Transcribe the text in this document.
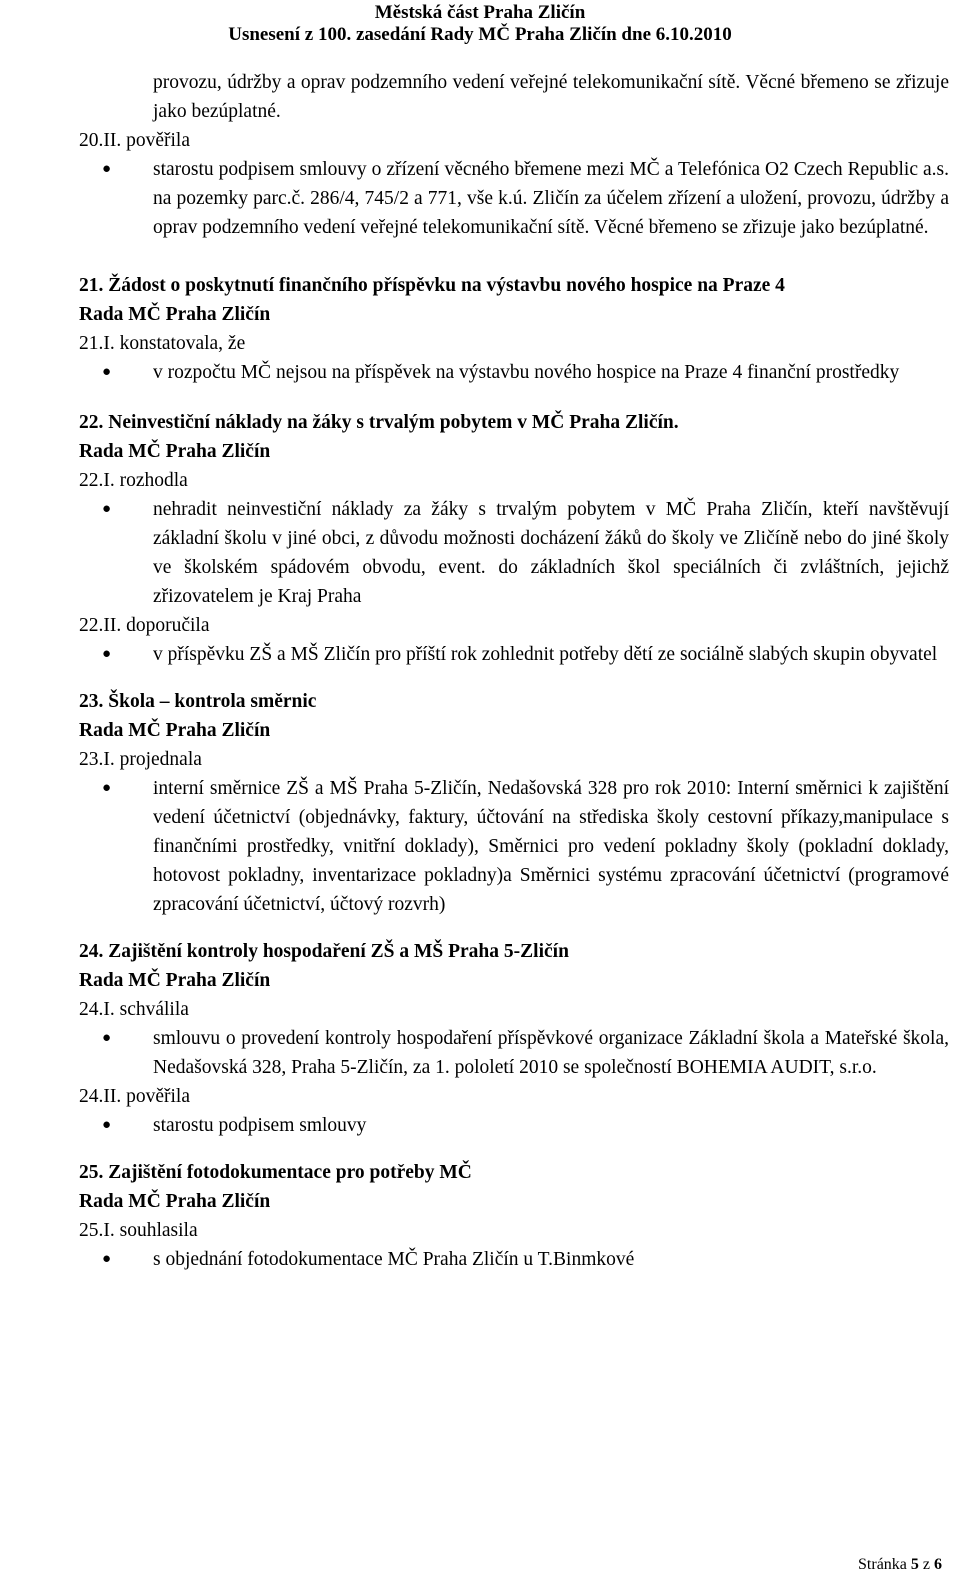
Městská část Praha Zličín
Usnesení z 100. zasedání Rady MČ Praha Zličín dne 6.10.2010

provozu, údržby a oprav podzemního vedení veřejné telekomunikační sítě. Věcné břemeno se zřizuje jako bezúplatné.

20.II. pověřila

● starostu podpisem smlouvy o zřízení věcného břemene mezi MČ a Telefónica O2 Czech Republic a.s. na pozemky parc.č. 286/4, 745/2 a 771, vše k.ú. Zličín za účelem zřízení a uložení, provozu, údržby a oprav podzemního vedení veřejné telekomunikační sítě. Věcné břemeno se zřizuje jako bezúplatné.

21. Žádost o poskytnutí finančního příspěvku na výstavbu nového hospice na Praze 4

Rada MČ Praha Zličín

21.I. konstatovala, že

● v rozpočtu MČ nejsou na příspěvek na výstavbu nového hospice na Praze 4 finanční prostředky

22. Neinvestiční náklady na žáky s trvalým pobytem v MČ Praha Zličín.

Rada MČ Praha Zličín

22.I. rozhodla

● nehradit neinvestiční náklady za žáky s trvalým pobytem v MČ Praha Zličín, kteří navštěvují základní školu v jiné obci, z důvodu možnosti docházení žáků do školy ve Zličíně nebo do jiné školy ve školském spádovém obvodu, event. do základních škol speciálních či zvláštních, jejichž zřizovatelem je Kraj Praha

22.II. doporučila

● v příspěvku ZŠ a MŠ Zličín pro příští rok zohlednit potřeby dětí ze sociálně slabých skupin obyvatel

23. Škola – kontrola směrnic

Rada MČ Praha Zličín

23.I. projednala

● interní směrnice ZŠ a MŠ Praha 5-Zličín, Nedašovská 328 pro rok 2010: Interní směrnici k zajištění vedení účetnictví (objednávky, faktury, účtování na střediska školy cestovní příkazy,manipulace s finančními prostředky, vnitřní doklady), Směrnici pro vedení pokladny školy (pokladní doklady, hotovost pokladny, inventarizace pokladny)a Směrnici systému zpracování účetnictví (programové zpracování účetnictví, účtový rozvrh)

24. Zajištění kontroly hospodaření ZŠ a MŠ Praha 5-Zličín

Rada MČ Praha Zličín

24.I. schválila

● smlouvu o provedení kontroly hospodaření příspěvkové organizace Základní škola a Mateřské škola, Nedašovská 328, Praha 5-Zličín, za 1. pololetí 2010 se společností BOHEMIA AUDIT, s.r.o.

24.II. pověřila

● starostu podpisem smlouvy

25. Zajištění fotodokumentace pro potřeby MČ

Rada MČ Praha Zličín

25.I. souhlasila

● s objednání fotodokumentace MČ Praha Zličín u T.Binmkové
Stránka 5 z 6
